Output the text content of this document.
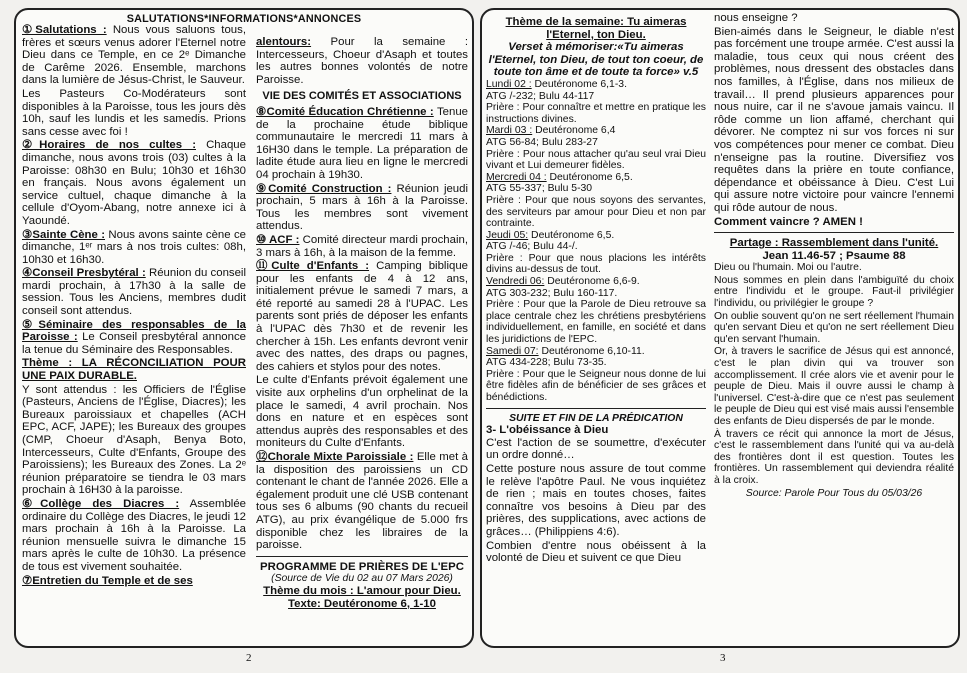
SALUTATIONS*INFORMATIONS*ANNONCES

①Salutations : Nous vous saluons tous, frères et sœurs venus adorer l'Eternel notre Dieu dans ce Temple, en ce 2ᵉ Dimanche de Carême 2026. Ensemble, marchons dans la lumière de Jésus-Christ, le Sauveur.

Les Pasteurs Co-Modérateurs sont disponibles à la Paroisse, tous les jours dès 10h, sauf les lundis et les samedis. Prions sans cesse avec foi !

②Horaires de nos cultes : Chaque dimanche, nous avons trois (03) cultes à la Paroisse: 08h30 en Bulu; 10h30 et 16h30 en français. Nous avons également un service cultuel, chaque dimanche à la cellule d'Oyom-Abang, notre annexe ici à Yaoundé.

③Sainte Cène : Nous avons sainte cène ce dimanche, 1ᵉʳ mars à nos trois cultes: 08h, 10h30 et 16h30.

④Conseil Presbytéral : Réunion du conseil mardi prochain, à 17h30 à la salle de session. Tous les Anciens, membres dudit conseil sont attendus.

⑤Séminaire des responsables de la Paroisse : Le Conseil presbytéral annonce la tenue du Séminaire des Responsables.

Thème : LA RÉCONCILIATION POUR UNE PAIX DURABLE.

Y sont attendus : les Officiers de l'Église (Pasteurs, Anciens de l'Église, Diacres); les Bureaux paroissiaux et chapelles (ACH EPC, ACF, JAPE); les Bureaux des groupes (CMP, Choeur d'Asaph, Benya Boto, Intercesseurs, Culte d'Enfants, Groupe des Paroissiens); les Bureaux des Zones. La 2ᵉ réunion préparatoire se tiendra le 03 mars prochain à 16H30 à la paroisse.

⑥Collège des Diacres : Assemblée ordinaire du Collège des Diacres, le jeudi 12 mars prochain à 16h à la Paroisse. La réunion mensuelle suivra le dimanche 15 mars après le culte de 10h30. La présence de tous est vivement souhaitée.

⑦Entretien du Temple et de ses

alentours: Pour la semaine : Intercesseurs, Choeur d'Asaph et toutes les autres bonnes volontés de notre Paroisse.

VIE DES COMITÉS ET ASSOCIATIONS

⑧Comité Éducation Chrétienne : Tenue de la prochaine étude biblique communautaire le mercredi 11 mars à 16H30 dans le temple. La préparation de ladite étude aura lieu en ligne le mercredi 04 prochain à 19h30.

⑨Comité Construction : Réunion jeudi prochain, 5 mars à 16h à la Paroisse. Tous les membres sont vivement attendus.

⑩ ACF : Comité directeur mardi prochain, 3 mars à 16h, à la maison de la femme.

⑪Culte d'Enfants : Camping biblique pour les enfants de 4 à 12 ans, initialement prévue le samedi 7 mars, a été reporté au samedi 28 à l'UPAC. Les parents sont priés de déposer les enfants à l'UPAC dès 7h30 et de revenir les chercher à 15h. Les enfants devront venir avec des nattes, des draps ou pagnes, des cahiers et stylos pour des notes.

Le culte d'Enfants prévoit également une visite aux orphelins d'un orphelinat de la place le samedi, 4 avril prochain. Nos dons en nature et en espèces sont attendus auprès des responsables et des moniteurs du Culte d'Enfants.

⑫Chorale Mixte Paroissiale : Elle met à la disposition des paroissiens un CD contenant le chant de l'année 2026. Elle a également produit une clé USB contenant tous ses 6 albums (90 chants du recueil ATG), au prix évangélique de 5.000 frs disponible chez les libraires de la paroisse.

PROGRAMME DE PRIÈRES DE L'EPC
(Source de Vie du 02 au 07 Mars 2026)
Thème du mois : L'amour pour Dieu.
Texte: Deutéronome 6, 1-10
2
Thème de la semaine: Tu aimeras l'Eternel, ton Dieu.
Verset à mémoriser:«Tu aimeras l'Eternel, ton Dieu, de tout ton coeur, de toute ton âme et de toute ta force» v.5
Lundi 02 : Deutéronome 6,1-3.
ATG /-232; Bulu 44-117
Prière : Pour connaître et mettre en pratique les instructions divines.
Mardi 03 : Deutéronome 6,4
ATG 56-84; Bulu 283-27
Prière : Pour nous attacher qu'au seul vrai Dieu vivant et Lui demeurer fidèles.
Mercredi 04 : Deutéronome 6,5.
ATG 55-337; Bulu 5-30
Prière : Pour que nous soyons des servantes, des serviteurs par amour pour Dieu et non par contrainte.
Jeudi 05: Deutéronome 6,5.
ATG /-46; Bulu 44-/.
Prière : Pour que nous placions les intérêts divins au-dessus de tout.
Vendredi 06: Deutéronome 6,6-9.
ATG 303-232; Bulu 160-117.
Prière : Pour que la Parole de Dieu retrouve sa place centrale chez les chrétiens presbytériens individuellement, en famille, en société et dans les juridictions de l'EPC.
Samedi 07: Deutéronome 6,10-11.
ATG 434-228; Bulu 73-35.
Prière : Pour que le Seigneur nous donne de lui être fidèles afin de bénéficier de ses grâces et bénédictions.
SUITE ET FIN DE LA PRÉDICATION
3- L'obéissance à Dieu

C'est l'action de se soumettre, d'exécuter un ordre donné…

Cette posture nous assure de tout comme le relève l'apôtre Paul. Ne vous inquiétez de rien ; mais en toutes choses, faites connaître vos besoins à Dieu par des prières, des supplications, avec actions de grâces… (Philippiens 4:6).

Combien d'entre nous obéissent à la volonté de Dieu et suivent ce que Dieu

nous enseigne ?

Bien-aimés dans le Seigneur, le diable n'est pas forcément une troupe armée. C'est aussi la maladie, tous ceux qui nous créent des problèmes, nous dressent des obstacles dans nos familles, à l'Église, dans nos milieux de travail… Il prend plusieurs apparences pour nous nuire, car il ne s'avoue jamais vaincu. Il rôde comme un lion affamé, cherchant qui dévorer. Ne comptez ni sur vos forces ni sur vos compétences pour mener ce combat. Dieu n'enseigne pas la routine. Diversifiez vos requêtes dans la prière en toute confiance, dépendance et obéissance à Dieu. C'est Lui qui assure notre victoire pour vaincre l'ennemi qui rôde autour de nous.

Comment vaincre ? AMEN !
Partage : Rassemblement dans l'unité.
Jean 11.46-57 ; Psaume 88

Dieu ou l'humain. Moi ou l'autre.

Nous sommes en plein dans l'ambiguïté du choix entre l'individu et le groupe. Faut-il privilégier l'individu, ou privilégier le groupe ?

On oublie souvent qu'on ne sert réellement l'humain qu'en servant Dieu et qu'on ne sert réellement Dieu qu'en servant l'humain.

Or, à travers le sacrifice de Jésus qui est annoncé, c'est le plan divin qui va trouver son accomplissement. Il crée alors vie et avenir pour le peuple de Dieu. Mais il ouvre aussi le champ à l'universel. C'est-à-dire que ce n'est pas seulement le peuple de Dieu qui est visé mais aussi l'ensemble des enfants de Dieu dispersés de par le monde.

À travers ce récit qui annonce la mort de Jésus, c'est le rassemblement dans l'unité qui va au-delà des frontières dont il est question. Toutes les frontières. Un rassemblement qui deviendra réalité à la croix.

Source: Parole Pour Tous du 05/03/26
3
